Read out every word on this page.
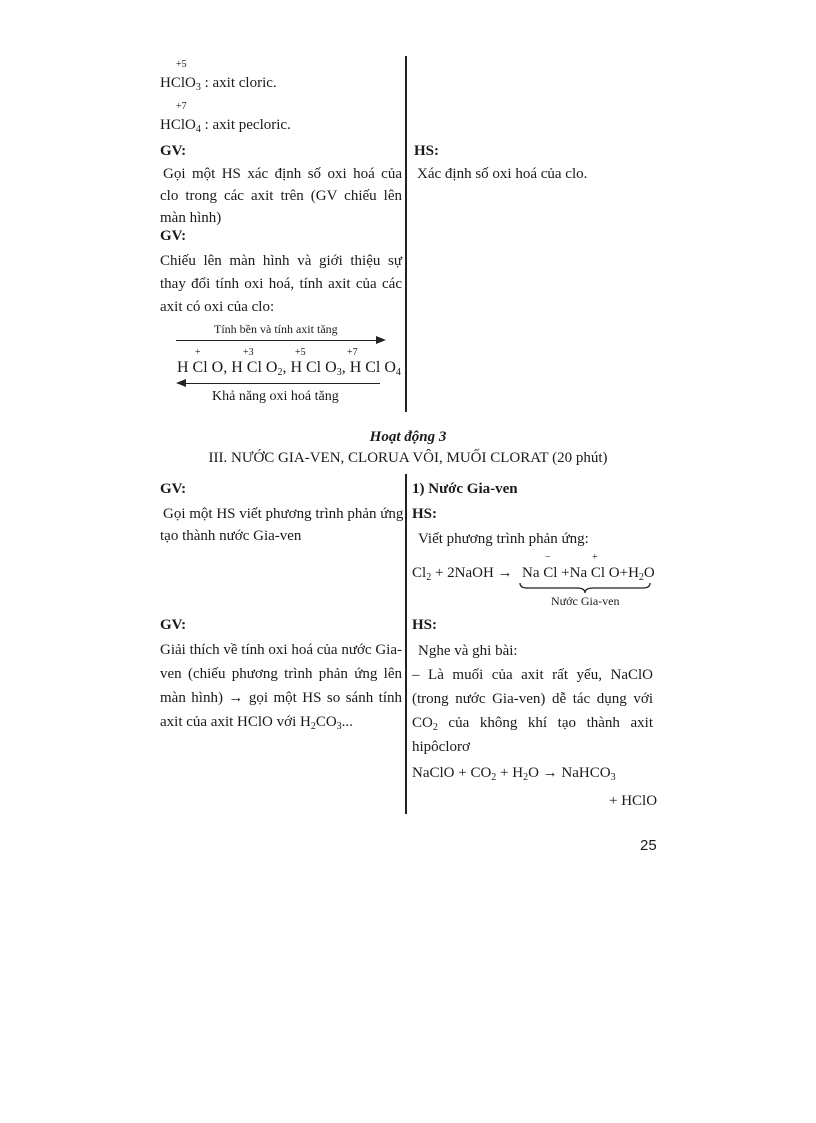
+5
HClO$_3$ : axit cloric.
+7
HClO$_4$ : axit pecloric.
GV:
Gọi một HS xác định số oxi hoá của clo trong các axit trên (GV chiếu lên màn hình)
HS:
Xác định số oxi hoá của clo.
GV:
Chiếu lên màn hình và giới thiệu sự thay đổi tính oxi hoá, tính axit của các axit có oxi của clo:
Tính bền và tính axit tăng
+	+3	+5	+7
H Cl O, H Cl $O_2$, H Cl $O_3$, H Cl $O_4$
Khả năng oxi hoá tăng
Hoạt động 3
III. NƯỚC GIA-VEN, CLORUA VÔI, MUỐI CLORAT (20 phút)
GV:
Gọi một HS viết phương trình phản ứng tạo thành nước Gia-ven
1) Nước Gia-ven
HS:
Viết phương trình phản ứng:
−	+
$Cl_2$ + 2NaOH → Na Cl +Na Cl $O+H_2O$
Nước Gia-ven
GV:
Giải thích về tính oxi hoá của nước Gia-ven (chiếu phương trình phản ứng lên màn hình) → gọi một HS so sánh tính axit của axit HClO với $H_2CO_3$...
HS:
Nghe và ghi bài:
– Là muối của axit rất yếu, NaClO (trong nước Gia-ven) dễ tác dụng với $CO_2$ của không khí tạo thành axit hipôclorơ
NaClO + $CO_2 + H_2O$ → NaHCO$_3$
+ HClO
25
